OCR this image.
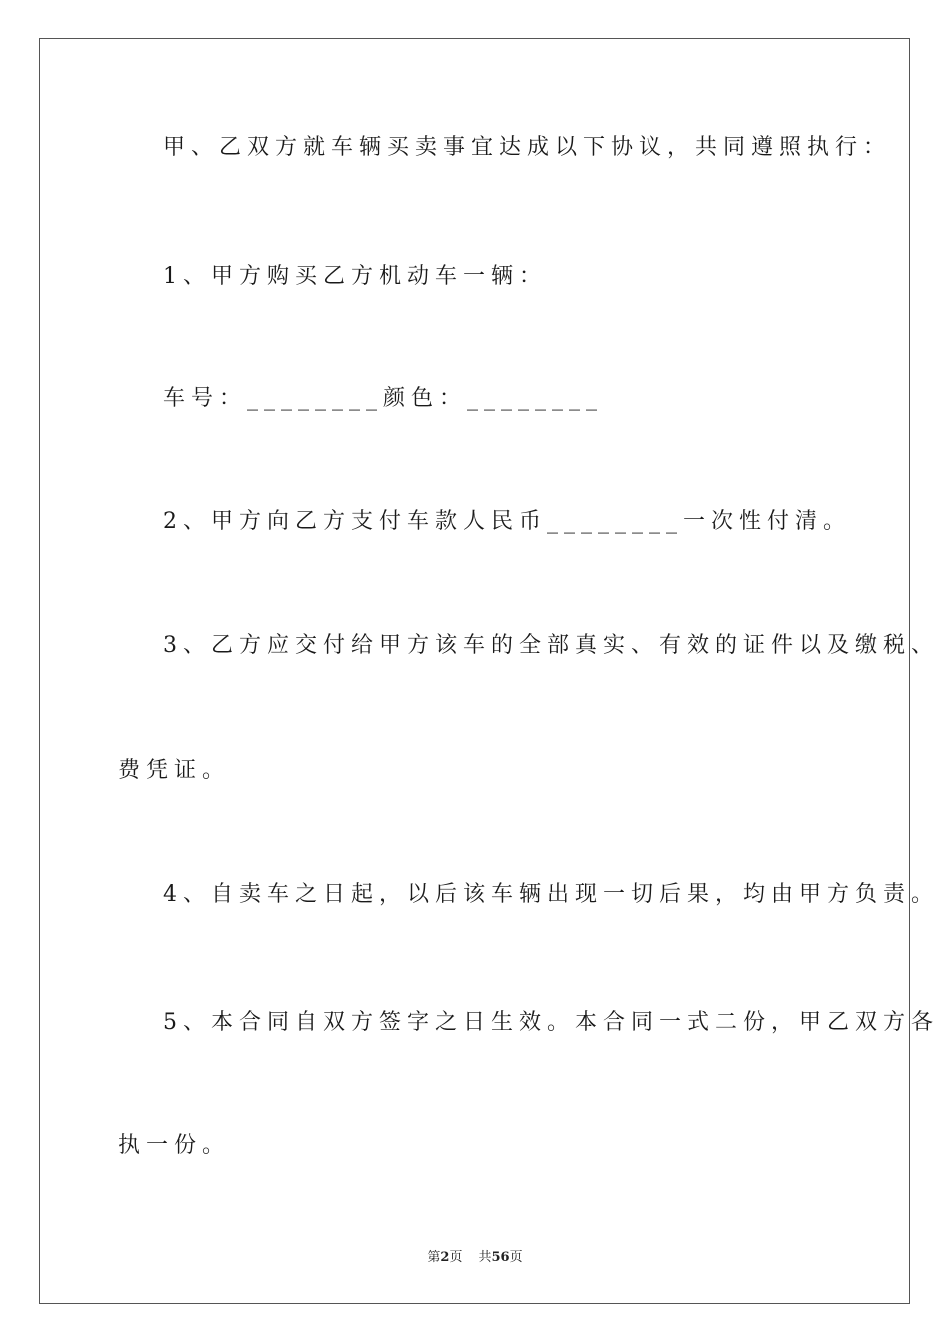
甲、乙双方就车辆买卖事宜达成以下协议，共同遵照执行：

1、甲方购买乙方机动车一辆：

车号：________颜色：________

2、甲方向乙方支付车款人民币________一次性付清。

3、乙方应交付给甲方该车的全部真实、有效的证件以及缴税、

费凭证。

4、自卖车之日起，以后该车辆出现一切后果，均由甲方负责。

5、本合同自双方签字之日生效。本合同一式二份，甲乙双方各

执一份。

第2页 共56页
